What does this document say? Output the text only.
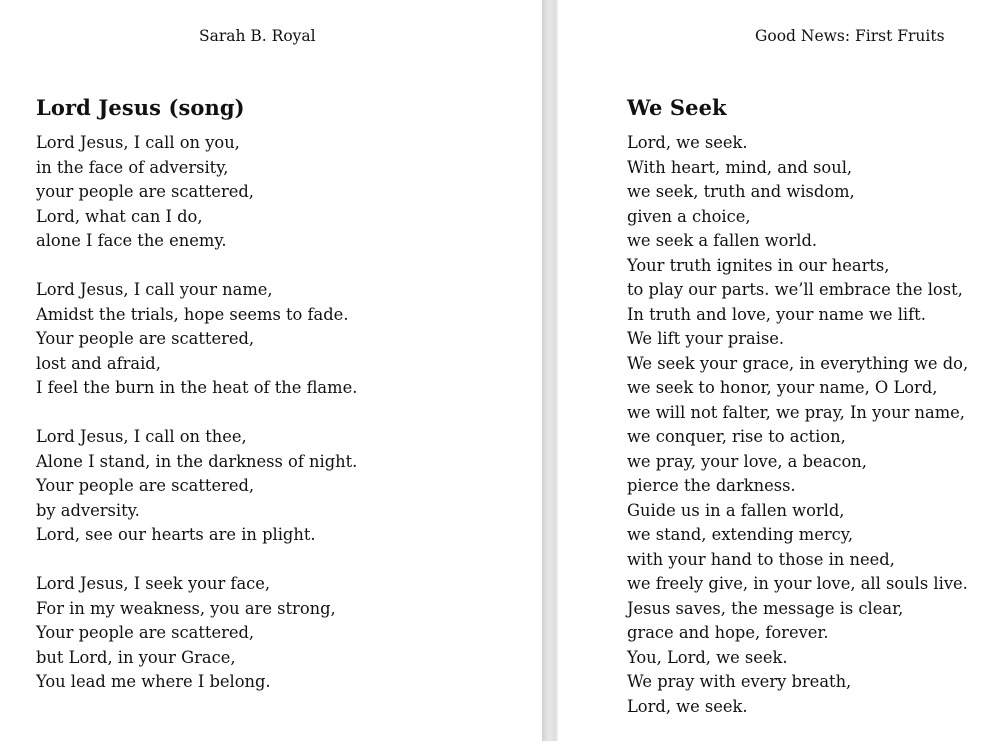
Sarah B. Royal
Lord Jesus (song)

Lord Jesus, I call on you,
in the face of adversity,
your people are scattered,
Lord, what can I do,
alone I face the enemy.

Lord Jesus, I call your name,
Amidst the trials, hope seems to fade.
Your people are scattered,
lost and afraid,
I feel the burn in the heat of the flame.

Lord Jesus, I call on thee,
Alone I stand, in the darkness of night.
Your people are scattered,
by adversity.
Lord, see our hearts are in plight.

Lord Jesus, I seek your face,
For in my weakness, you are strong,
Your people are scattered,
but Lord, in your Grace,
You lead me where I belong.

Good News: First Fruits
We Seek

Lord, we seek.
With heart, mind, and soul,
we seek, truth and wisdom,
given a choice,
we seek a fallen world.
Your truth ignites in our hearts,
to play our parts. we’ll embrace the lost,
In truth and love, your name we lift.
We lift your praise.
We seek your grace, in everything we do,
we seek to honor, your name, O Lord,
we will not falter, we pray, In your name,
we conquer, rise to action,
we pray, your love, a beacon,
pierce the darkness.
Guide us in a fallen world,
we stand, extending mercy,
with your hand to those in need,
we freely give, in your love, all souls live.
Jesus saves, the message is clear,
grace and hope, forever.
You, Lord, we seek.
We pray with every breath,
Lord, we seek.
